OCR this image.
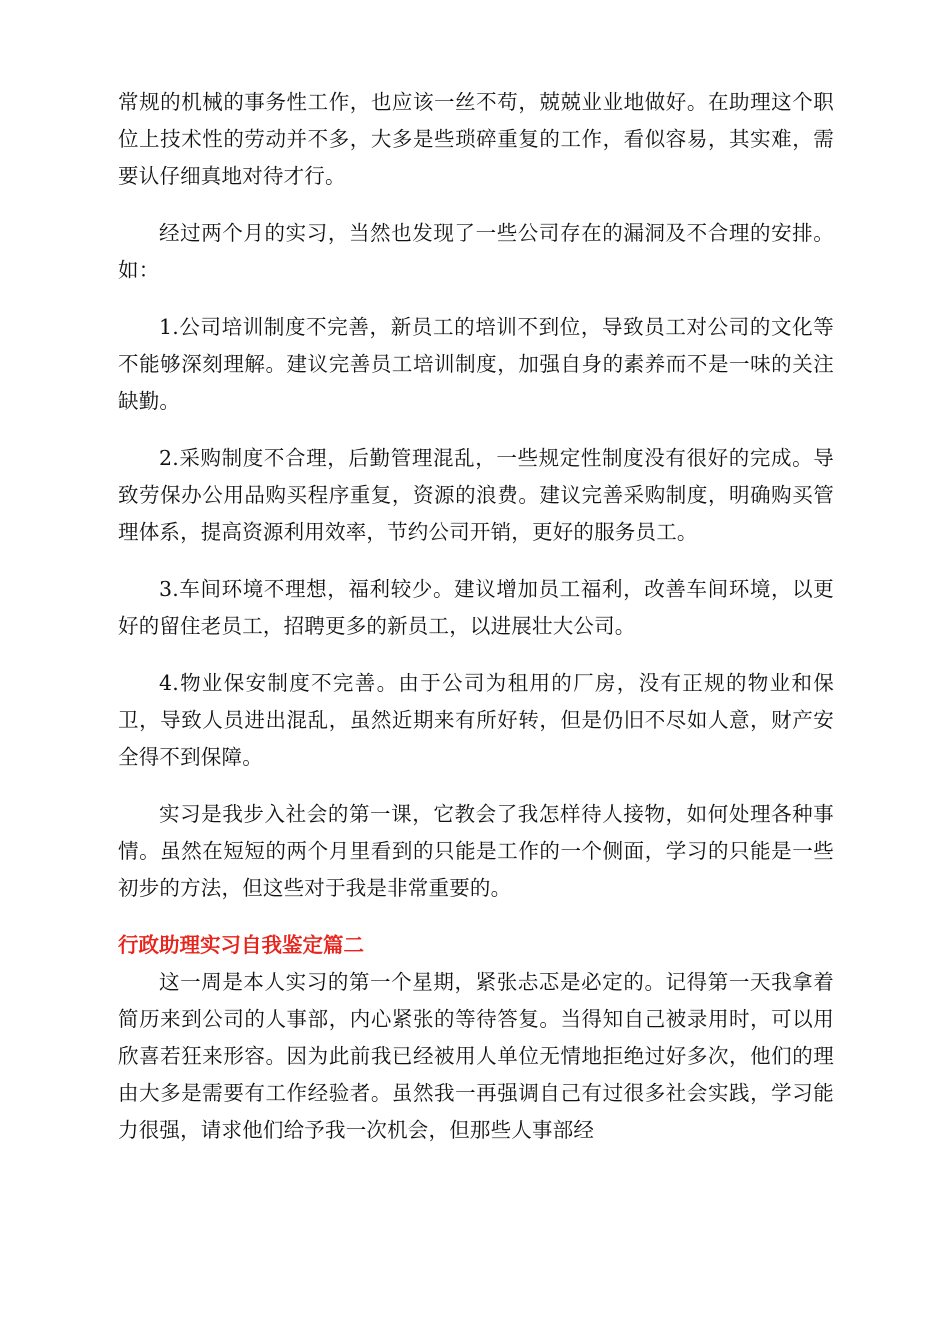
常规的机械的事务性工作，也应该一丝不苟，兢兢业业地做好。在助理这个职位上技术性的劳动并不多，大多是些琐碎重复的工作，看似容易，其实难，需要认仔细真地对待才行。

经过两个月的实习，当然也发现了一些公司存在的漏洞及不合理的安排。如：

1.公司培训制度不完善，新员工的培训不到位，导致员工对公司的文化等不能够深刻理解。建议完善员工培训制度，加强自身的素养而不是一味的关注缺勤。

2.采购制度不合理，后勤管理混乱，一些规定性制度没有很好的完成。导致劳保办公用品购买程序重复，资源的浪费。建议完善采购制度，明确购买管理体系，提高资源利用效率，节约公司开销，更好的服务员工。

3.车间环境不理想，福利较少。建议增加员工福利，改善车间环境，以更好的留住老员工，招聘更多的新员工，以进展壮大公司。

4.物业保安制度不完善。由于公司为租用的厂房，没有正规的物业和保卫，导致人员进出混乱，虽然近期来有所好转，但是仍旧不尽如人意，财产安全得不到保障。

实习是我步入社会的第一课，它教会了我怎样待人接物，如何处理各种事情。虽然在短短的两个月里看到的只能是工作的一个侧面，学习的只能是一些初步的方法，但这些对于我是非常重要的。

行政助理实习自我鉴定篇二

这一周是本人实习的第一个星期，紧张忐忑是必定的。记得第一天我拿着简历来到公司的人事部，内心紧张的等待答复。当得知自己被录用时，可以用欣喜若狂来形容。因为此前我已经被用人单位无情地拒绝过好多次，他们的理由大多是需要有工作经验者。虽然我一再强调自己有过很多社会实践，学习能力很强，请求他们给予我一次机会，但那些人事部经
